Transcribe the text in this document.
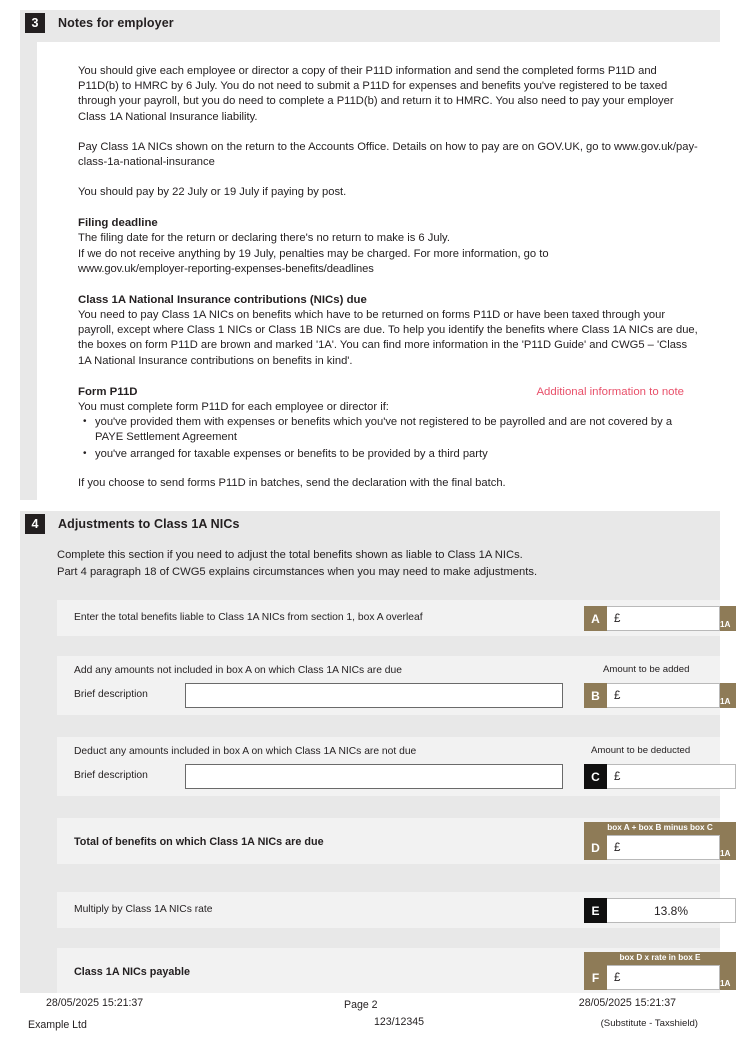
3	Notes for employer

You should give each employee or director a copy of their P11D information and send the completed forms P11D and P11D(b) to HMRC by 6 July. You do not need to submit a P11D for expenses and benefits you've registered to be taxed through your payroll, but you do need to complete a P11D(b) and return it to HMRC. You also need to pay your employer Class 1A National Insurance liability.

Pay Class 1A NICs shown on the return to the Accounts Office. Details on how to pay are on GOV.UK, go to www.gov.uk/pay-class-1a-national-insurance

You should pay by 22 July or 19 July if paying by post.

Filing deadline

The filing date for the return or declaring there's no return to make is 6 July.

If we do not receive anything by 19 July, penalties may be charged. For more information, go to

www.gov.uk/employer-reporting-expenses-benefits/deadlines

Class 1A National Insurance contributions (NICs) due

You need to pay Class 1A NICs on benefits which have to be returned on forms P11D or have been taxed through your payroll, except where Class 1 NICs or Class 1B NICs are due. To help you identify the benefits where Class 1A NICs are due, the boxes on form P11D are brown and marked '1A'. You can find more information in the 'P11D Guide' and CWG5 – 'Class 1A National Insurance contributions on benefits in kind'.

Form P11D	Additional information to note

You must complete form P11D for each employee or director if:

• you've provided them with expenses or benefits which you've not registered to be payrolled and are not covered by a PAYE Settlement Agreement
• you've arranged for taxable expenses or benefits to be provided by a third party

If you choose to send forms P11D in batches, send the declaration with the final batch.

4	Adjustments to Class 1A NICs
Complete this section if you need to adjust the total benefits shown as liable to Class 1A NICs.
Part 4 paragraph 18 of CWG5 explains circumstances when you may need to make adjustments.
Enter the total benefits liable to Class 1A NICs from section 1, box A overleaf	A	£	1A
Add any amounts not included in box A on which Class 1A NICs are due
Brief description
Amount to be added
B	£	1A
Deduct any amounts included in box A on which Class 1A NICs are not due
Brief description
Amount to be deducted
C	£
Total of benefits on which Class 1A NICs are due
box A + box B minus box C
D	£	1A
Multiply by Class 1A NICs rate	E	13.8%
Class 1A NICs payable
box D x rate in box E
F	£	1A
28/05/2025 15:21:37
Example Ltd
Page 2
123/12345
28/05/2025 15:21:37
(Substitute - Taxshield)
